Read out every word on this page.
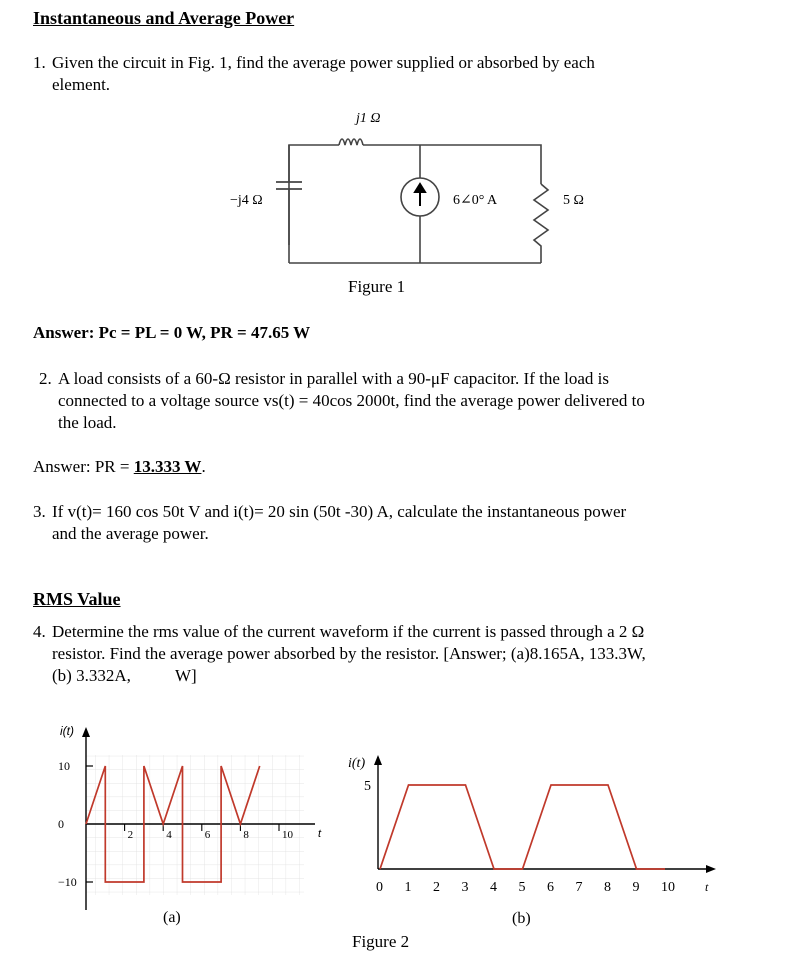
Instantaneous and Average Power
1. Given the circuit in Fig. 1, find the average power supplied or absorbed by each
element.
j1 Ω
−j4 Ω	6∠0° A	5 Ω
Figure 1
Answer: Pc = PL = 0 W, PR = 47.65 W
2. A load consists of a 60-Ω resistor in parallel with a 90-μF capacitor. If the load is
connected to a voltage source vs(t) = 40cos 2000t, find the average power delivered to
the load.
Answer: PR = 13.333 W.
3. If v(t)= 160 cos 50t V and i(t)= 20 sin (50t -30) A, calculate the instantaneous power
and the average power.
RMS Value
4. Determine the rms value of the current waveform if the current is passed through a 2 Ω
resistor. Find the average power absorbed by the resistor. [Answer; (a)8.165A, 133.3W,
(b) 3.332A,	W]
i(t)
10
0
−10
2	4	6	8	10 t
(a)
i(t)
5
0 1 2 3 4 5 6 7 8 9 10	t
(b)
Figure 2
